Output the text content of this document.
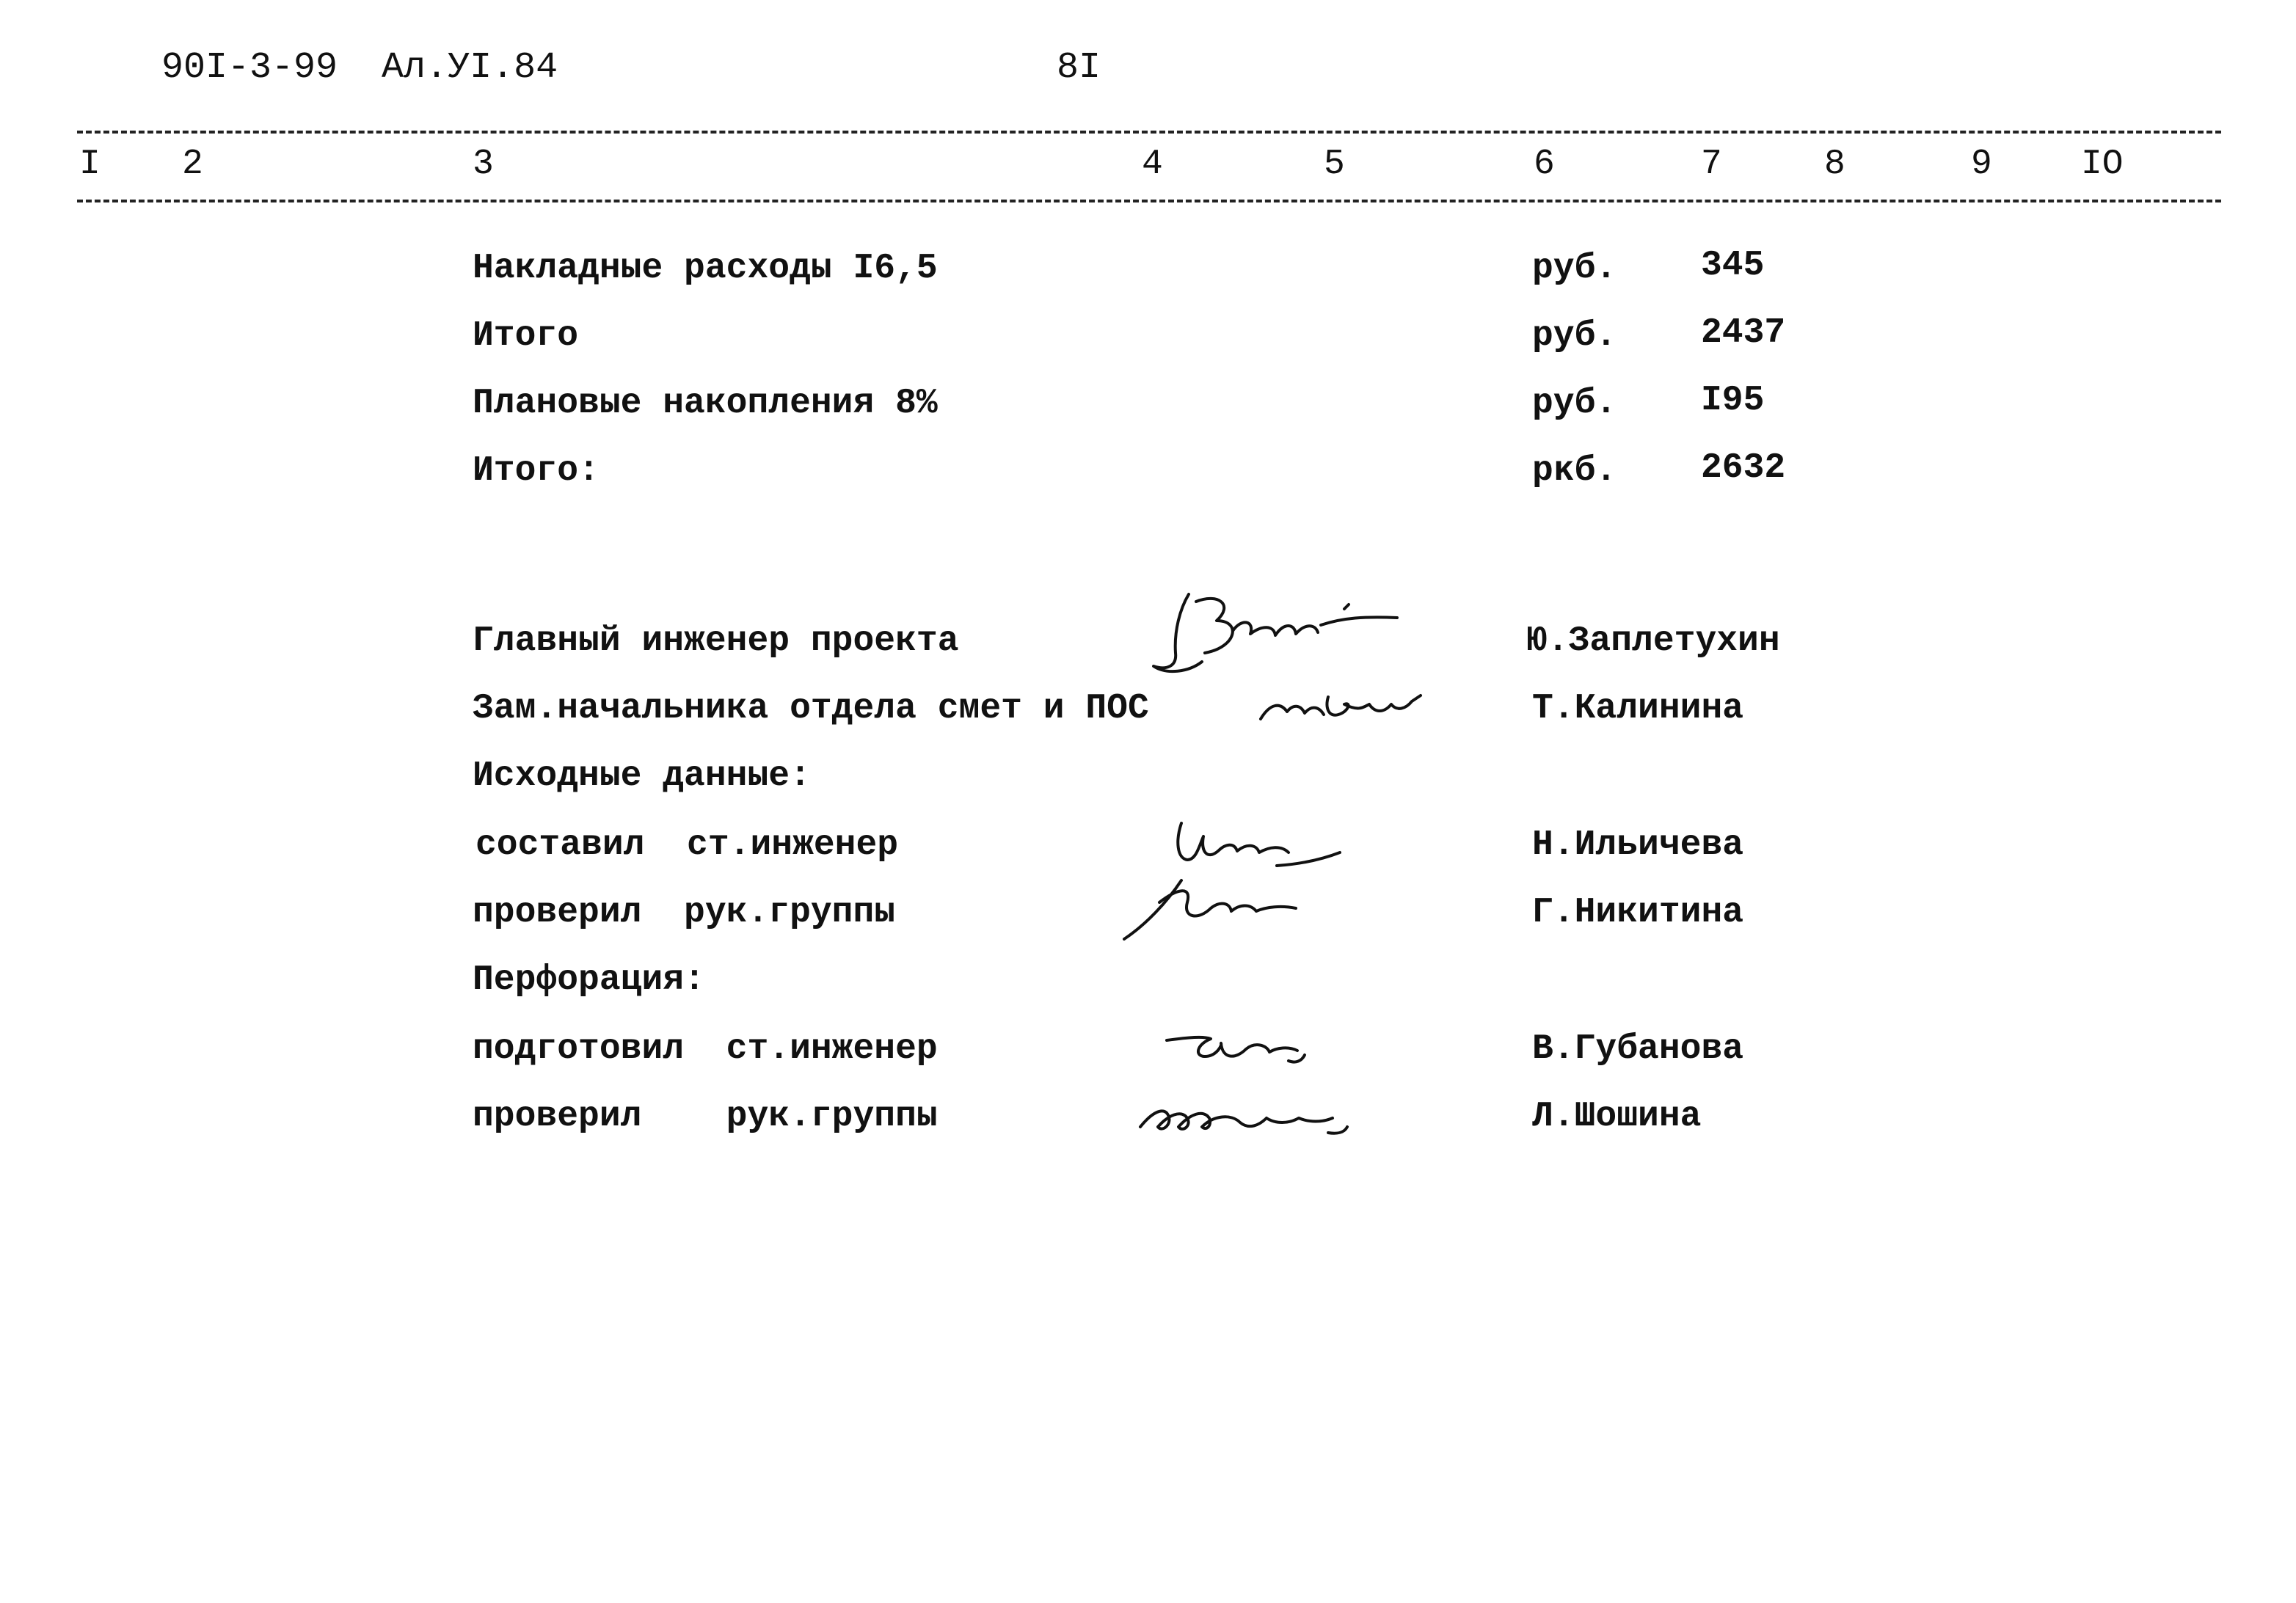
90I-3-99  Ал.УI.84	8I
I 2	3	4	5	6	7	8	9	IO
Накладные расходы I6,5	руб. 345
Итого	руб. 2437
Плановые накопления 8%	руб. I95
Итого:	рκб. 2632
Главный инженер проекта	Ю.Заплетухин
Зам.начальника отдела смет и ПОС	Т.Калинина
Исходные данные:
составил  ст.инженер	Н.Ильичева
проверил  рук.группы	Г.Никитина
Перфорация:
подготовил  ст.инженер	В.Губанова
проверил    рук.группы	Л.Шошина
